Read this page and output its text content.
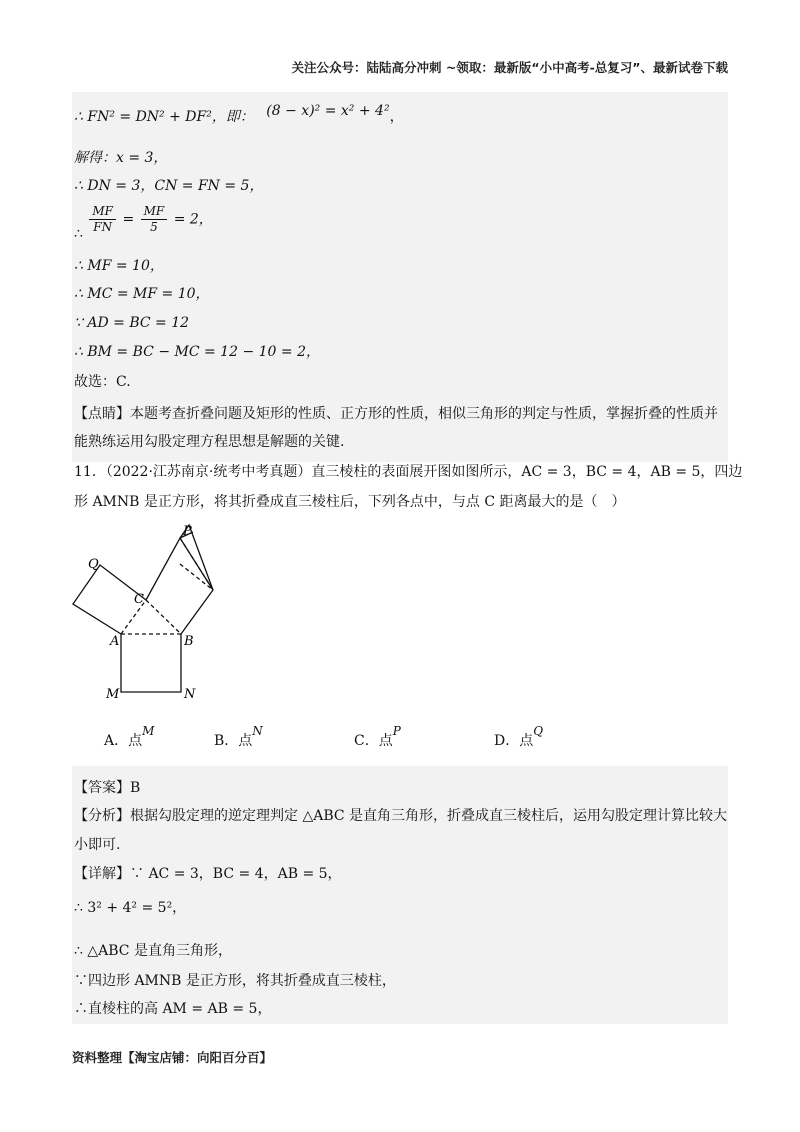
关注公众号：陆陆高分冲刺 ~领取：最新版“小中高考-总复习”、最新试卷下载
∴ FN² = DN² + DF²，即： (8 − x)² = x² + 4²，
解得：x = 3，
∴ DN = 3，CN = FN = 5，
∴ $\frac{MF}{FN} = \frac{MF}{5} = 2$，
∴ MF = 10，
∴ MC = MF = 10，
∵ AD = BC = 12
∴ BM = BC − MC = 12 − 10 = 2，
故选：C.
【点睛】本题考查折叠问题及矩形的性质、正方形的性质，相似三角形的判定与性质，掌握折叠的性质并
能熟练运用勾股定理方程思想是解题的关键.
11．（2022·江苏南京·统考中考真题）直三棱柱的表面展开图如图所示，AC = 3，BC = 4，AB = 5，四边
形 AMNB 是正方形，将其折叠成直三棱柱后，下列各点中，与点 C 距离最大的是（　）
P
Q
C
A	B
M	N
A．点M
B．点N
C．点P
D．点Q
【答案】B
【分析】根据勾股定理的逆定理判定 △ABC 是直角三角形，折叠成直三棱柱后，运用勾股定理计算比较大
小即可.
【详解】∵ AC = 3，BC = 4，AB = 5，
∴ 3² + 4² = 5²，
∴ △ABC 是直角三角形，
∵四边形 AMNB 是正方形，将其折叠成直三棱柱，
∴直棱柱的高 AM = AB = 5，
资料整理【淘宝店铺：向阳百分百】
